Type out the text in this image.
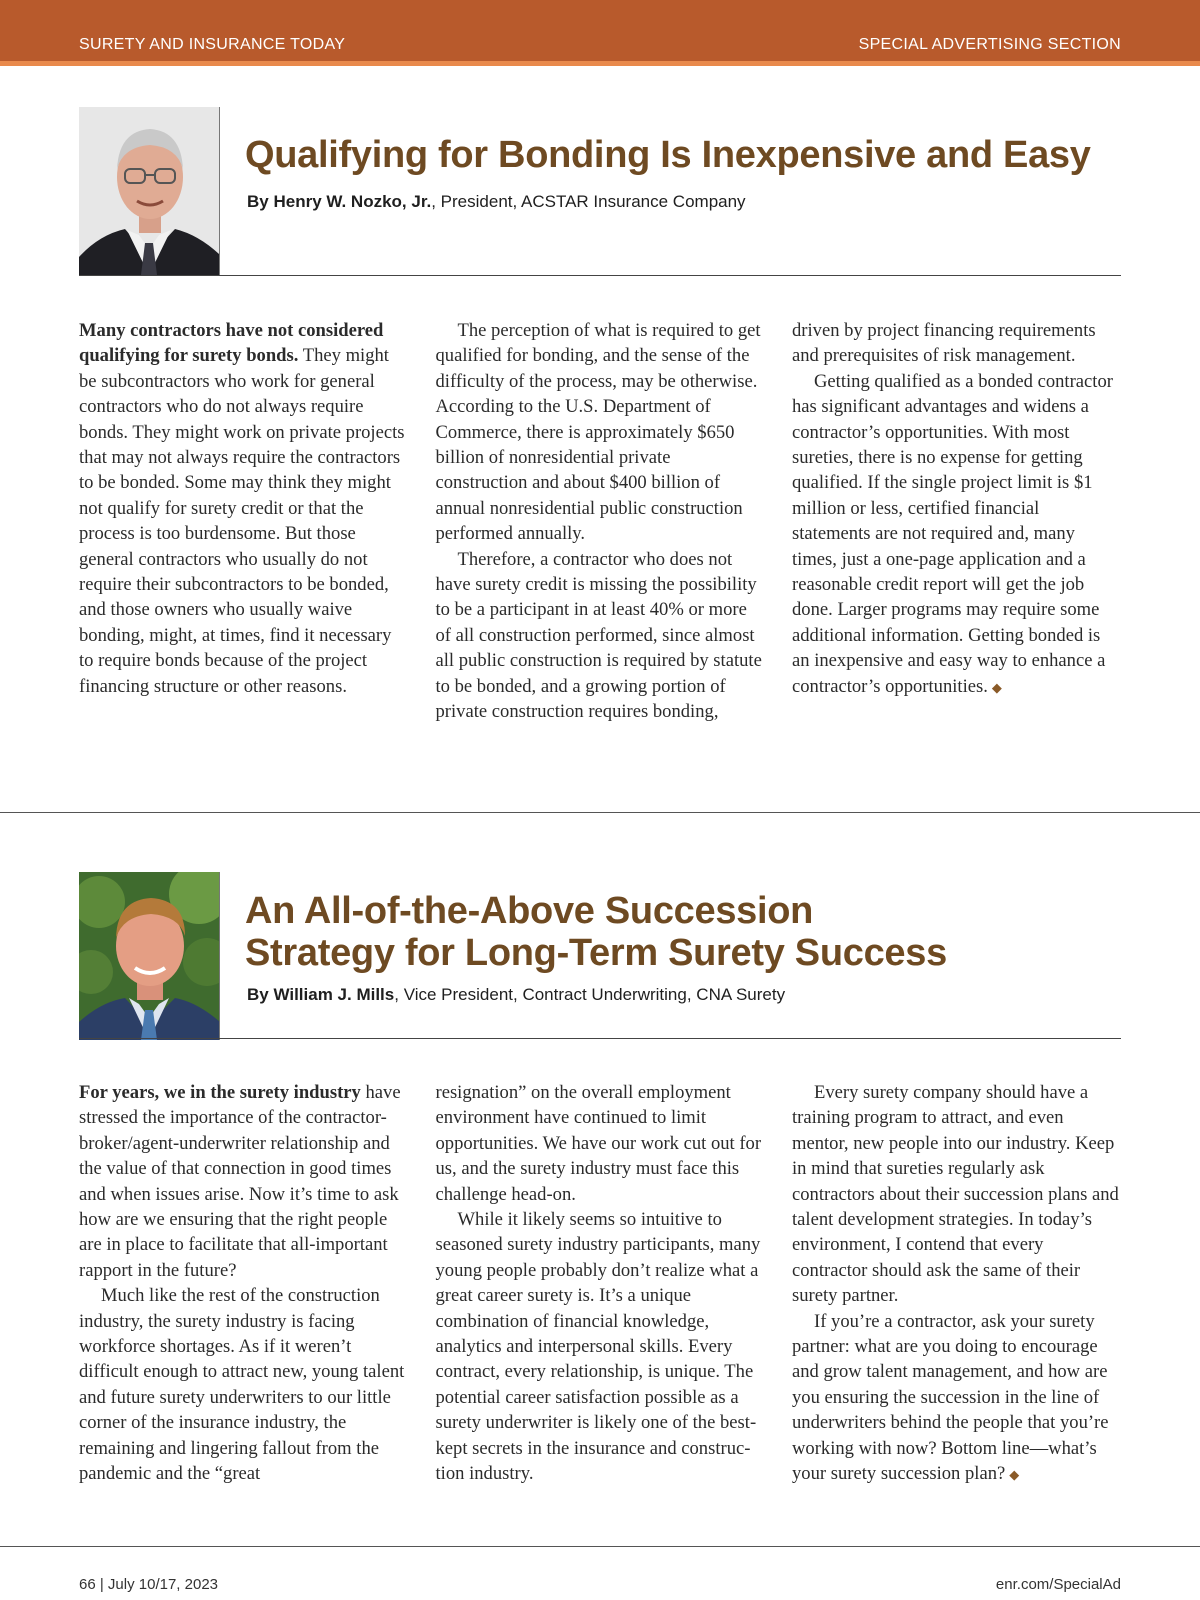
SURETY AND INSURANCE TODAY	SPECIAL ADVERTISING SECTION
Qualifying for Bonding Is Inexpensive and Easy
By Henry W. Nozko, Jr., President, ACSTAR Insurance Company

Many contractors have not considered qualifying for surety bonds. They might be subcontractors who work for general contractors who do not always require bonds. They might work on private projects that may not always require the contractors to be bonded. Some may think they might not qualify for surety credit or that the process is too burdensome. But those general contractors who usually do not require their subcontractors to be bonded, and those owners who usually waive bonding, might, at times, find it necessary to require bonds because of the project financing structure or other reasons.

The perception of what is required to get qualified for bonding, and the sense of the difficulty of the process, may be otherwise. According to the U.S. Department of Commerce, there is approximately $650 billion of nonresidential private construction and about $400 billion of annual nonresidential public construction performed annually.

Therefore, a contractor who does not have surety credit is missing the possibility to be a participant in at least 40% or more of all construction performed, since almost all public construction is required by statute to be bonded, and a growing portion of private construction requires bonding,

driven by project financing requirements and prerequisites of risk management.

Getting qualified as a bonded contractor has significant advantages and widens a contractor’s opportunities. With most sureties, there is no expense for getting qualified. If the single project limit is $1 million or less, certified financial statements are not required and, many times, just a one-page application and a reasonable credit report will get the job done. Larger programs may require some additional information. Getting bonded is an inexpensive and easy way to enhance a contractor’s opportunities. ◆

An All-of-the-Above Succession
Strategy for Long-Term Surety Success
By William J. Mills, Vice President, Contract Underwriting, CNA Surety

For years, we in the surety industry have stressed the importance of the contractor-broker/agent-underwriter relationship and the value of that connection in good times and when issues arise. Now it’s time to ask how are we ensuring that the right people are in place to facilitate that all-important rapport in the future?

Much like the rest of the construction industry, the surety industry is facing workforce shortages. As if it weren’t difficult enough to attract new, young talent and future surety underwriters to our little corner of the insurance industry, the remaining and lingering fallout from the pandemic and the “great

resignation” on the overall employment environment have continued to limit opportunities. We have our work cut out for us, and the surety industry must face this challenge head-on.

While it likely seems so intuitive to seasoned surety industry participants, many young people probably don’t realize what a great career surety is. It’s a unique combination of financial knowledge, analytics and interpersonal skills. Every contract, every relationship, is unique. The potential career satisfaction possible as a surety underwriter is likely one of the best-kept secrets in the insurance and construction industry.

Every surety company should have a training program to attract, and even mentor, new people into our industry. Keep in mind that sureties regularly ask contractors about their succession plans and talent development strategies. In today’s environment, I contend that every contractor should ask the same of their surety partner.

If you’re a contractor, ask your surety partner: what are you doing to encourage and grow talent management, and how are you ensuring the succession in the line of underwriters behind the people that you’re working with now? Bottom line—what’s your surety succession plan? ◆

66 | July 10/17, 2023	enr.com/SpecialAd
